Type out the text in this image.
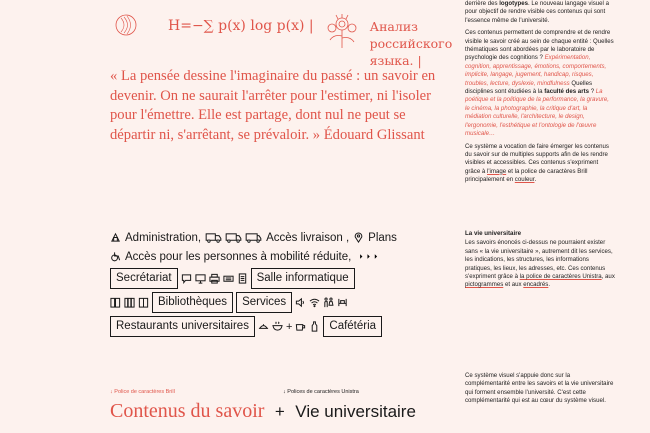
H=−∑ p(x) log p(x) |	Анализ российского языка. |

« La pensée dessine l'imaginaire du passé : un savoir en devenir. On ne saurait l'arrêter pour l'estimer, ni l'isoler pour l'émettre. Elle est partage, dont nul ne peut se départir ni, s'arrêtant, se prévaloir. » Édouard Glissant

derrière des logotypes. Le nouveau langage visuel a pour objectif de rendre visible ces contenus qui sont l'essence même de l'université.

Ces contenus permettent de comprendre et de rendre visible le savoir créé au sein de chaque entité : Quelles thématiques sont abordées par le laboratoire de psychologie des cognitions ? Expérimentation, cognition, apprentissage, émotions, comportements, implicite, langage, jugement, handicap, risques, troubles, lecture, dyslexie, mindfulness Quelles disciplines sont étudiées à la faculté des arts ? La poétique et la politique de la performance, la gravure, le cinéma, la photographie, la critique d'art, la médiation culturelle, l'architecture, le design, l'ergonomie, l'esthétique et l'ontologie de l'œuvre musicale…

Ce système a vocation de faire émerger les contenus du savoir sur de multiples supports afin de les rendre visibles et accessibles. Ces contenus s'expriment grâce à l'image et la police de caractères Brill principalement en couleur.

La vie universitaire

Les savoirs énoncés ci-dessus ne pourraient exister sans « la vie universitaire », autrement dit les services, les indications, les structures, les informations pratiques, les lieux, les adresses, etc. Ces contenus s'expriment grâce à la police de caractères Unistra, aux pictogrammes et aux encadrés.

Ce système visuel s'appuie donc sur la complémentarité entre les savoirs et la vie universitaire qui forment ensemble l'université. C'est cette complémentarité qui est au cœur du système visuel.

Administration,	Accès livraison , Plans
Accès pour les personnes à mobilité réduite,
Secrétariat	Salle informatique
Bibliothèques	Services
Restaurants universitaires	+	Cafétéria
↓ Police de caractères Brill	↓ Polices de caractères Unistra
Contenus du savoir + Vie universitaire
